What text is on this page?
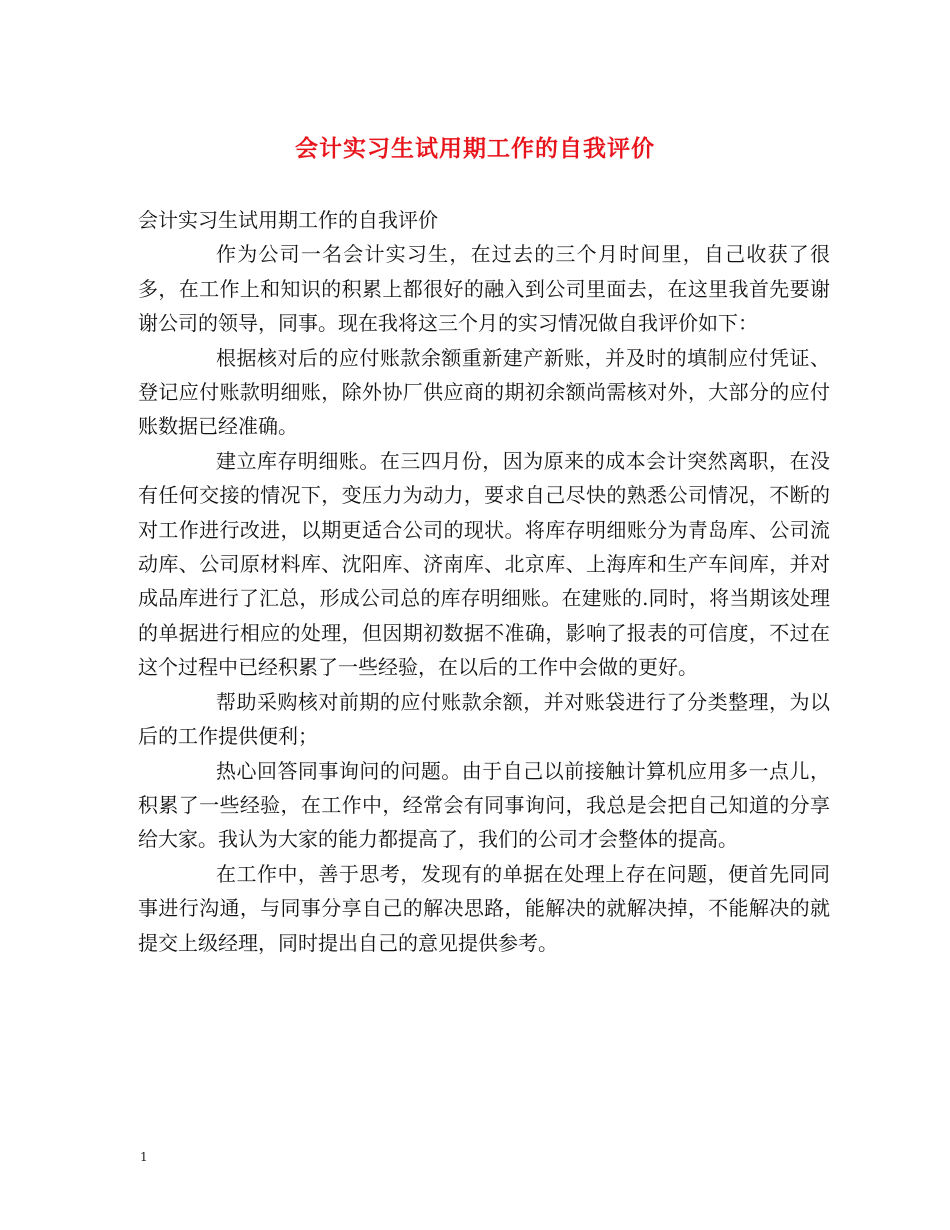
会计实习生试用期工作的自我评价

会计实习生试用期工作的自我评价

作为公司一名会计实习生，在过去的三个月时间里，自己收获了很多，在工作上和知识的积累上都很好的融入到公司里面去，在这里我首先要谢谢公司的领导，同事。现在我将这三个月的实习情况做自我评价如下：

根据核对后的应付账款余额重新建产新账，并及时的填制应付凭证、登记应付账款明细账，除外协厂供应商的期初余额尚需核对外，大部分的应付账数据已经准确。

建立库存明细账。在三四月份，因为原来的成本会计突然离职，在没有任何交接的情况下，变压力为动力，要求自己尽快的熟悉公司情况，不断的对工作进行改进，以期更适合公司的现状。将库存明细账分为青岛库、公司流动库、公司原材料库、沈阳库、济南库、北京库、上海库和生产车间库，并对成品库进行了汇总，形成公司总的库存明细账。在建账的.同时，将当期该处理的单据进行相应的处理，但因期初数据不准确，影响了报表的可信度，不过在这个过程中已经积累了一些经验，在以后的工作中会做的更好。

帮助采购核对前期的应付账款余额，并对账袋进行了分类整理，为以后的工作提供便利；

热心回答同事询问的问题。由于自己以前接触计算机应用多一点儿，积累了一些经验，在工作中，经常会有同事询问，我总是会把自己知道的分享给大家。我认为大家的能力都提高了，我们的公司才会整体的提高。

在工作中，善于思考，发现有的单据在处理上存在问题，便首先同同事进行沟通，与同事分享自己的解决思路，能解决的就解决掉，不能解决的就提交上级经理，同时提出自己的意见提供参考。

1
